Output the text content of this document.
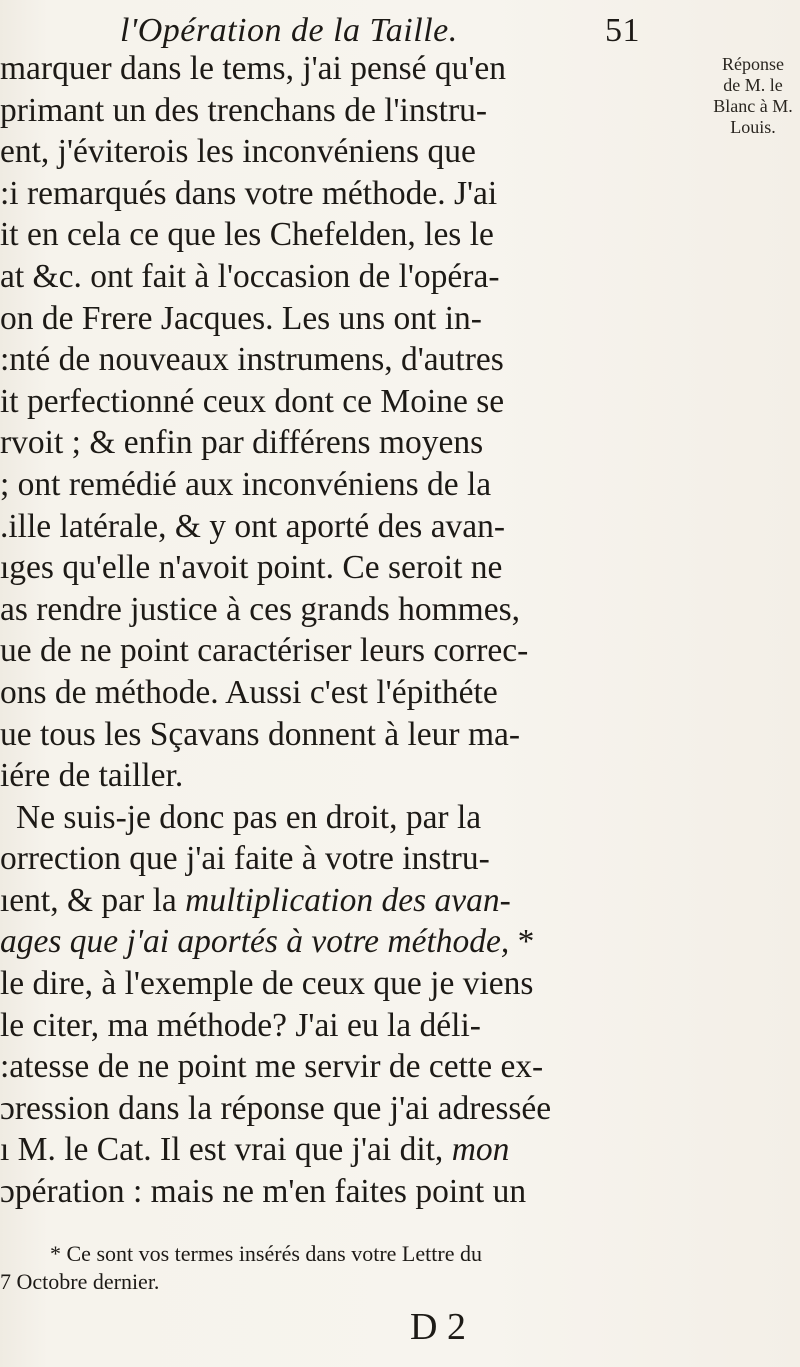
l'Opération de la Taille.	51
Réponse
de M. le
Blanc à M.
Louis.
marquer dans le tems, j'ai pensé qu'en
primant un des trenchans de l'instru-
ent, j'éviterois les inconvéniens que
:i remarqués dans votre méthode. J'ai
it en cela ce que les Chefelden, les le
at &c. ont fait à l'occasion de l'opéra-
on de Frere Jacques. Les uns ont in-
:nté de nouveaux instrumens, d'autres
it perfectionné ceux dont ce Moine se
rvoit ; & enfin par différens moyens
; ont remédié aux inconvéniens de la
.ille latérale, & y ont aporté des avan-
ıges qu'elle n'avoit point. Ce seroit ne
as rendre justice à ces grands hommes,
ue de ne point caractériser leurs correc-
ons de méthode. Aussi c'est l'épithéte
ue tous les Sçavans donnent à leur ma-
iére de tailler.
Ne suis-je donc pas en droit, par la
orrection que j'ai faite à votre instru-
ıent, & par la multiplication des avan-
ages que j'ai aportés à votre méthode, *
le dire, à l'exemple de ceux que je viens
le citer, ma méthode? J'ai eu la déli-
:atesse de ne point me servir de cette ex-
ɔression dans la réponse que j'ai adressée
ı M. le Cat. Il est vrai que j'ai dit, mon
ɔpération : mais ne m'en faites point un
* Ce sont vos termes insérés dans votre Lettre du
7 Octobre dernier.
D 2
